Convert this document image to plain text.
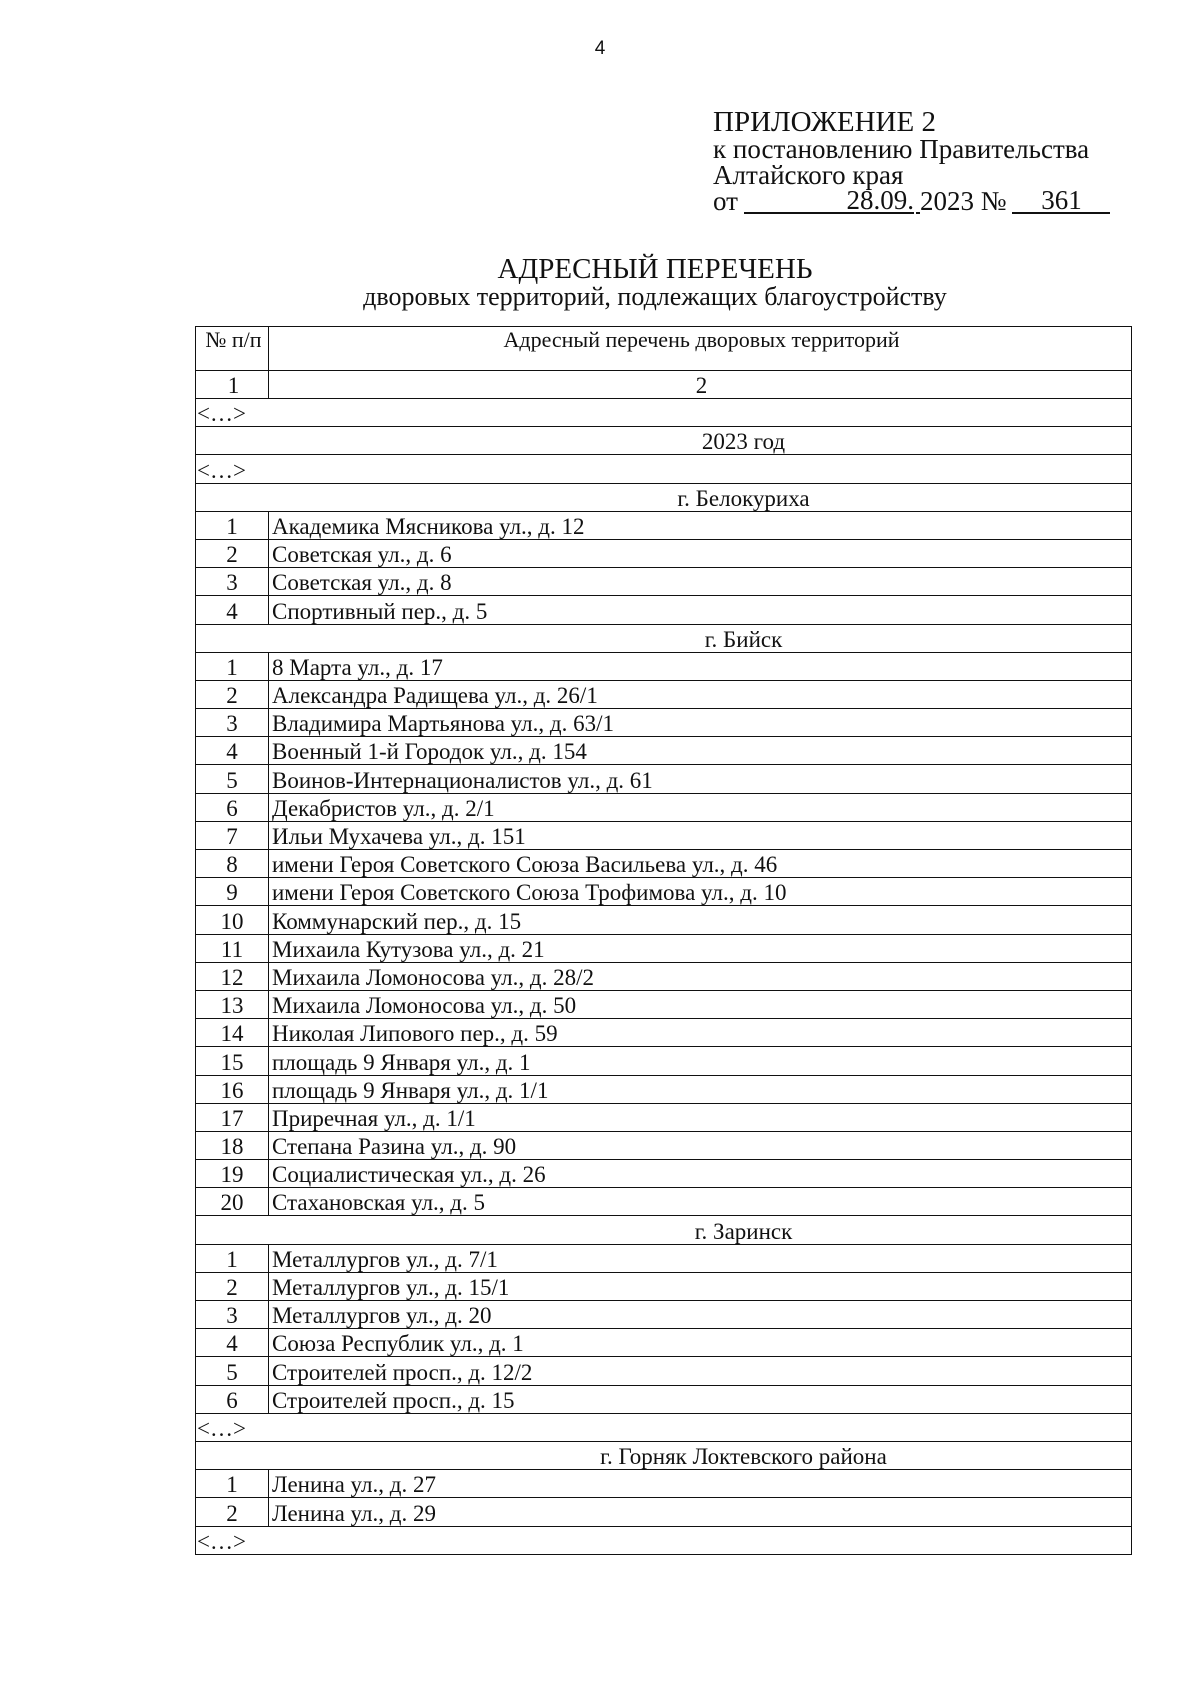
4
ПРИЛОЖЕНИЕ 2
к постановлению Правительства
Алтайского края
от	28.09. 2023 №	361
АДРЕСНЫЙ ПЕРЕЧЕНЬ
дворовых территорий, подлежащих благоустройству
№ п/п	Адресный перечень дворовых территорий
1	2
<…>	
2023 год	
<…>	
г. Белокуриха	
1	Академика Мясникова ул., д. 12
2	Советская ул., д. 6
3	Советская ул., д. 8
4	Спортивный пер., д. 5
г. Бийск	
1	8 Марта ул., д. 17
2	Александра Радищева ул., д. 26/1
3	Владимира Мартьянова ул., д. 63/1
4	Военный 1-й Городок ул., д. 154
5	Воинов-Интернационалистов ул., д. 61
6	Декабристов ул., д. 2/1
7	Ильи Мухачева ул., д. 151
8	имени Героя Советского Союза Васильева ул., д. 46
9	имени Героя Советского Союза Трофимова ул., д. 10
10	Коммунарский пер., д. 15
11	Михаила Кутузова ул., д. 21
12	Михаила Ломоносова ул., д. 28/2
13	Михаила Ломоносова ул., д. 50
14	Николая Липового пер., д. 59
15	площадь 9 Января ул., д. 1
16	площадь 9 Января ул., д. 1/1
17	Приречная ул., д. 1/1
18	Степана Разина ул., д. 90
19	Социалистическая ул., д. 26
20	Стахановская ул., д. 5
г. Заринск	
1	Металлургов ул., д. 7/1
2	Металлургов ул., д. 15/1
3	Металлургов ул., д. 20
4	Союза Республик ул., д. 1
5	Строителей просп., д. 12/2
6	Строителей просп., д. 15
<…>	
г. Горняк Локтевского района	
1	Ленина ул., д. 27
2	Ленина ул., д. 29
<…>	
